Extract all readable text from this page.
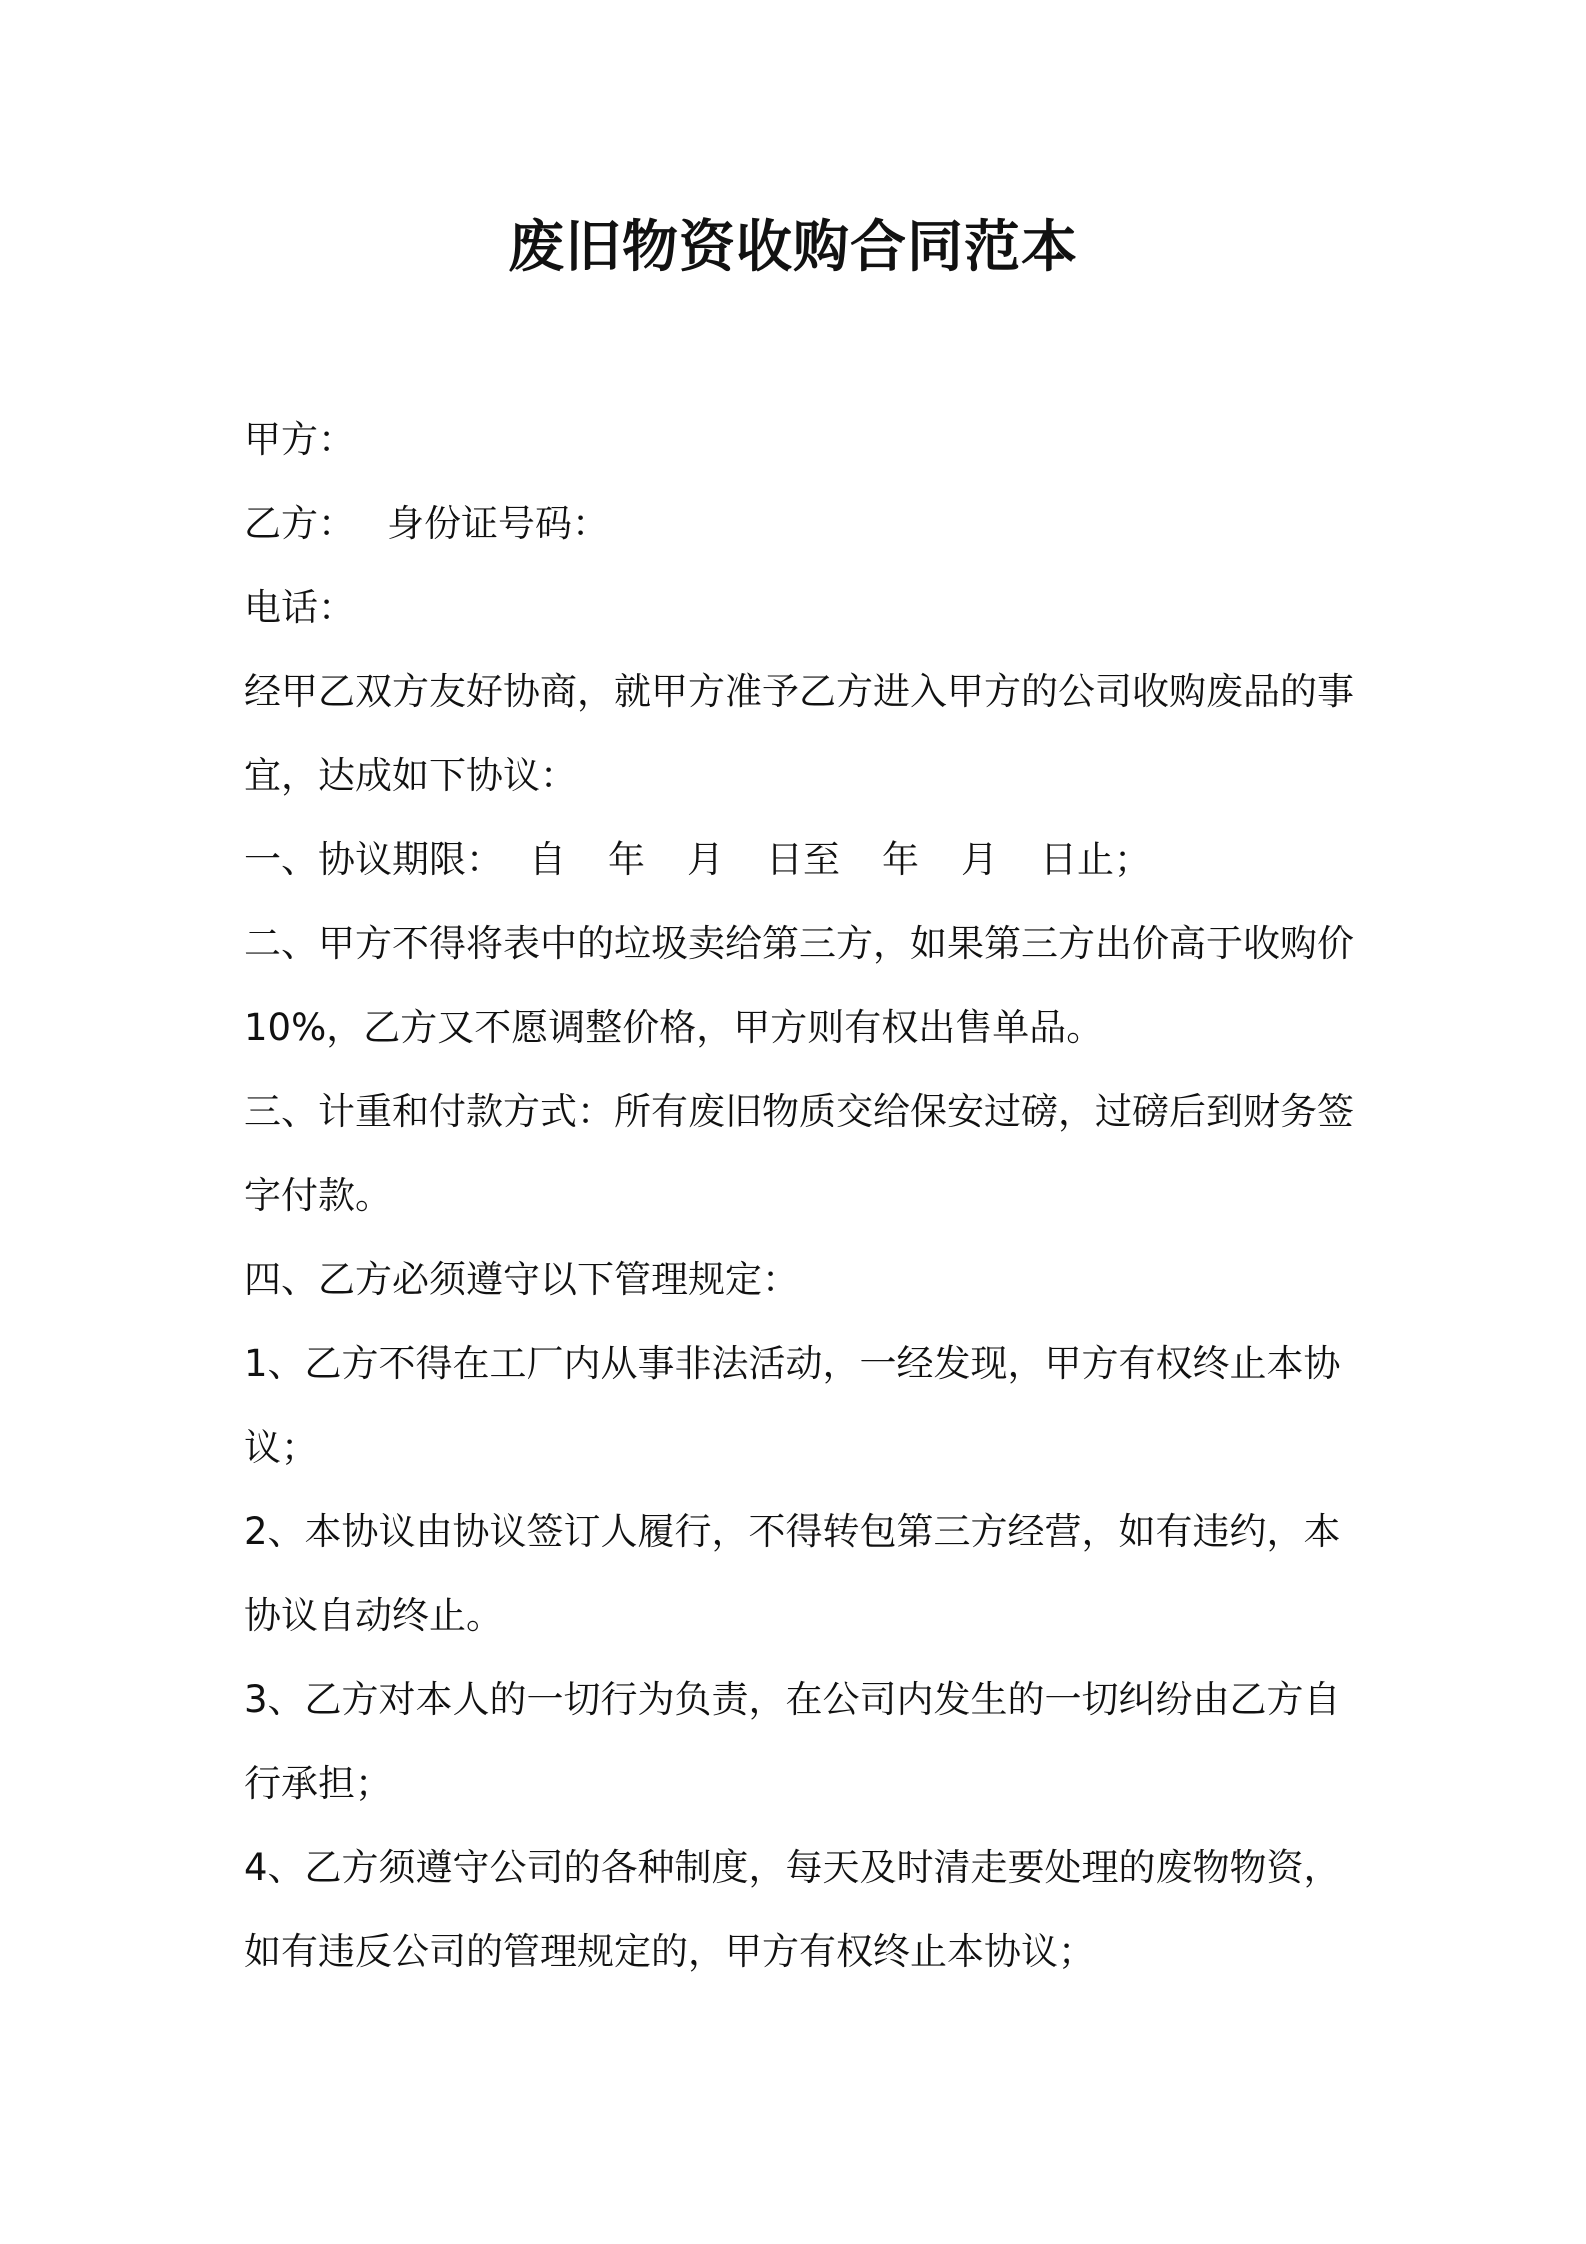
废旧物资收购合同范本
甲方：
乙方： 身份证号码：
电话：
经甲乙双方友好协商，就甲方准予乙方进入甲方的公司收购废品的事
宜，达成如下协议：
一、协议期限： 自 年 月 日至 年 月 日止；
二、甲方不得将表中的垃圾卖给第三方，如果第三方出价高于收购价
10%，乙方又不愿调整价格，甲方则有权出售单品。
三、计重和付款方式：所有废旧物质交给保安过磅，过磅后到财务签
字付款。
四、乙方必须遵守以下管理规定：
1、乙方不得在工厂内从事非法活动，一经发现，甲方有权终止本协
议；
2、本协议由协议签订人履行，不得转包第三方经营，如有违约，本
协议自动终止。
3、乙方对本人的一切行为负责，在公司内发生的一切纠纷由乙方自
行承担；
4、乙方须遵守公司的各种制度，每天及时清走要处理的废物物资，
如有违反公司的管理规定的，甲方有权终止本协议；
